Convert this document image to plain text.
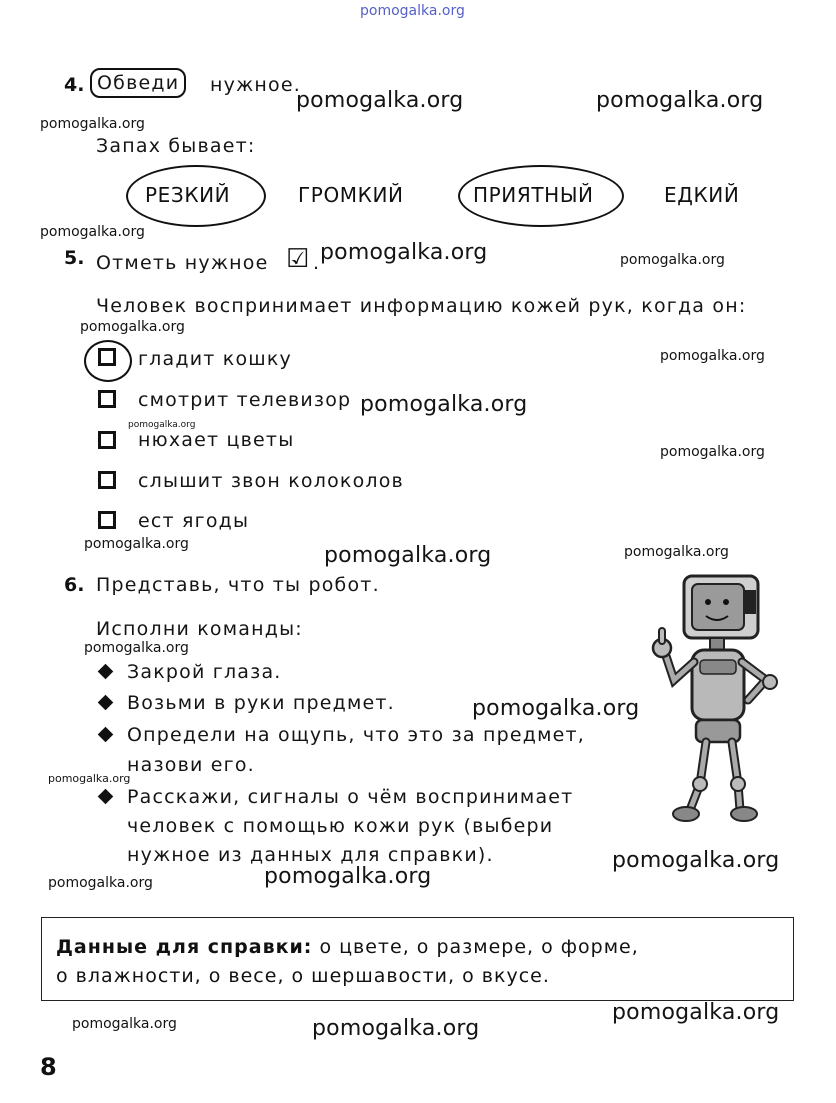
pomogalka.org
4. Обведи	нужное.
Запах бывает:
РЕЗКИЙ	ГРОМКИЙ	ПРИЯТНЫЙ	ЕДКИЙ
5. Отметь нужное ☑ .
Человек воспринимает информацию кожей рук, когда он:
гладит кошку
смотрит телевизор
нюхает цветы
слышит звон колоколов
ест ягоды
6. Представь, что ты робот.
Исполни команды:
Закрой глаза.
Возьми в руки предмет.
Определи на ощупь, что это за предмет,
назови его.
Расскажи, сигналы о чём воспринимает
человек с помощью кожи рук (выбери
нужное из данных для справки).
Данные для справки: о цвете, о размере, о форме,
о влажности, о весе, о шершавости, о вкусе.
8
pomogalka.org	pomogalka.org
pomogalka.org
pomogalka.org
pomogalka.org	pomogalka.org
pomogalka.org
pomogalka.org
pomogalka.org
pomogalka.org
pomogalka.org
pomogalka.org	pomogalka.org	pomogalka.org
pomogalka.org
pomogalka.org
pomogalka.org
pomogalka.org
pomogalka.org
pomogalka.org
pomogalka.org
pomogalka.org	pomogalka.org
